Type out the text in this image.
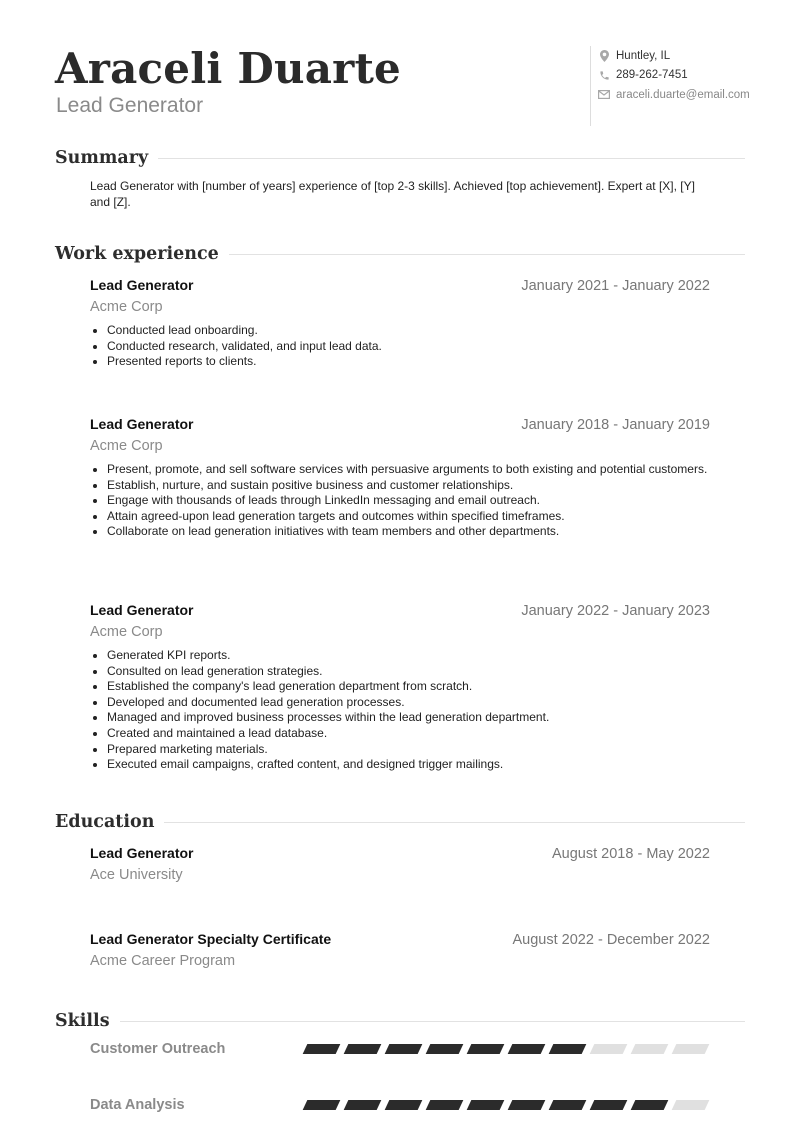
Araceli Duarte
Lead Generator
Huntley, IL
289-262-7451
araceli.duarte@email.com
Summary
Lead Generator with [number of years] experience of [top 2-3 skills]. Achieved [top achievement]. Expert at [X], [Y] and [Z].
Work experience
Lead Generator	January 2021 - January 2022
Acme Corp
• Conducted lead onboarding.
• Conducted research, validated, and input lead data.
• Presented reports to clients.
Lead Generator	January 2018 - January 2019
Acme Corp
• Present, promote, and sell software services with persuasive arguments to both existing and potential customers.
• Establish, nurture, and sustain positive business and customer relationships.
• Engage with thousands of leads through LinkedIn messaging and email outreach.
• Attain agreed-upon lead generation targets and outcomes within specified timeframes.
• Collaborate on lead generation initiatives with team members and other departments.
Lead Generator	January 2022 - January 2023
Acme Corp
• Generated KPI reports.
• Consulted on lead generation strategies.
• Established the company's lead generation department from scratch.
• Developed and documented lead generation processes.
• Managed and improved business processes within the lead generation department.
• Created and maintained a lead database.
• Prepared marketing materials.
• Executed email campaigns, crafted content, and designed trigger mailings.
Education
Lead Generator	August 2018 - May 2022
Ace University
Lead Generator Specialty Certificate	August 2022 - December 2022
Acme Career Program
Skills
Customer Outreach
Data Analysis
